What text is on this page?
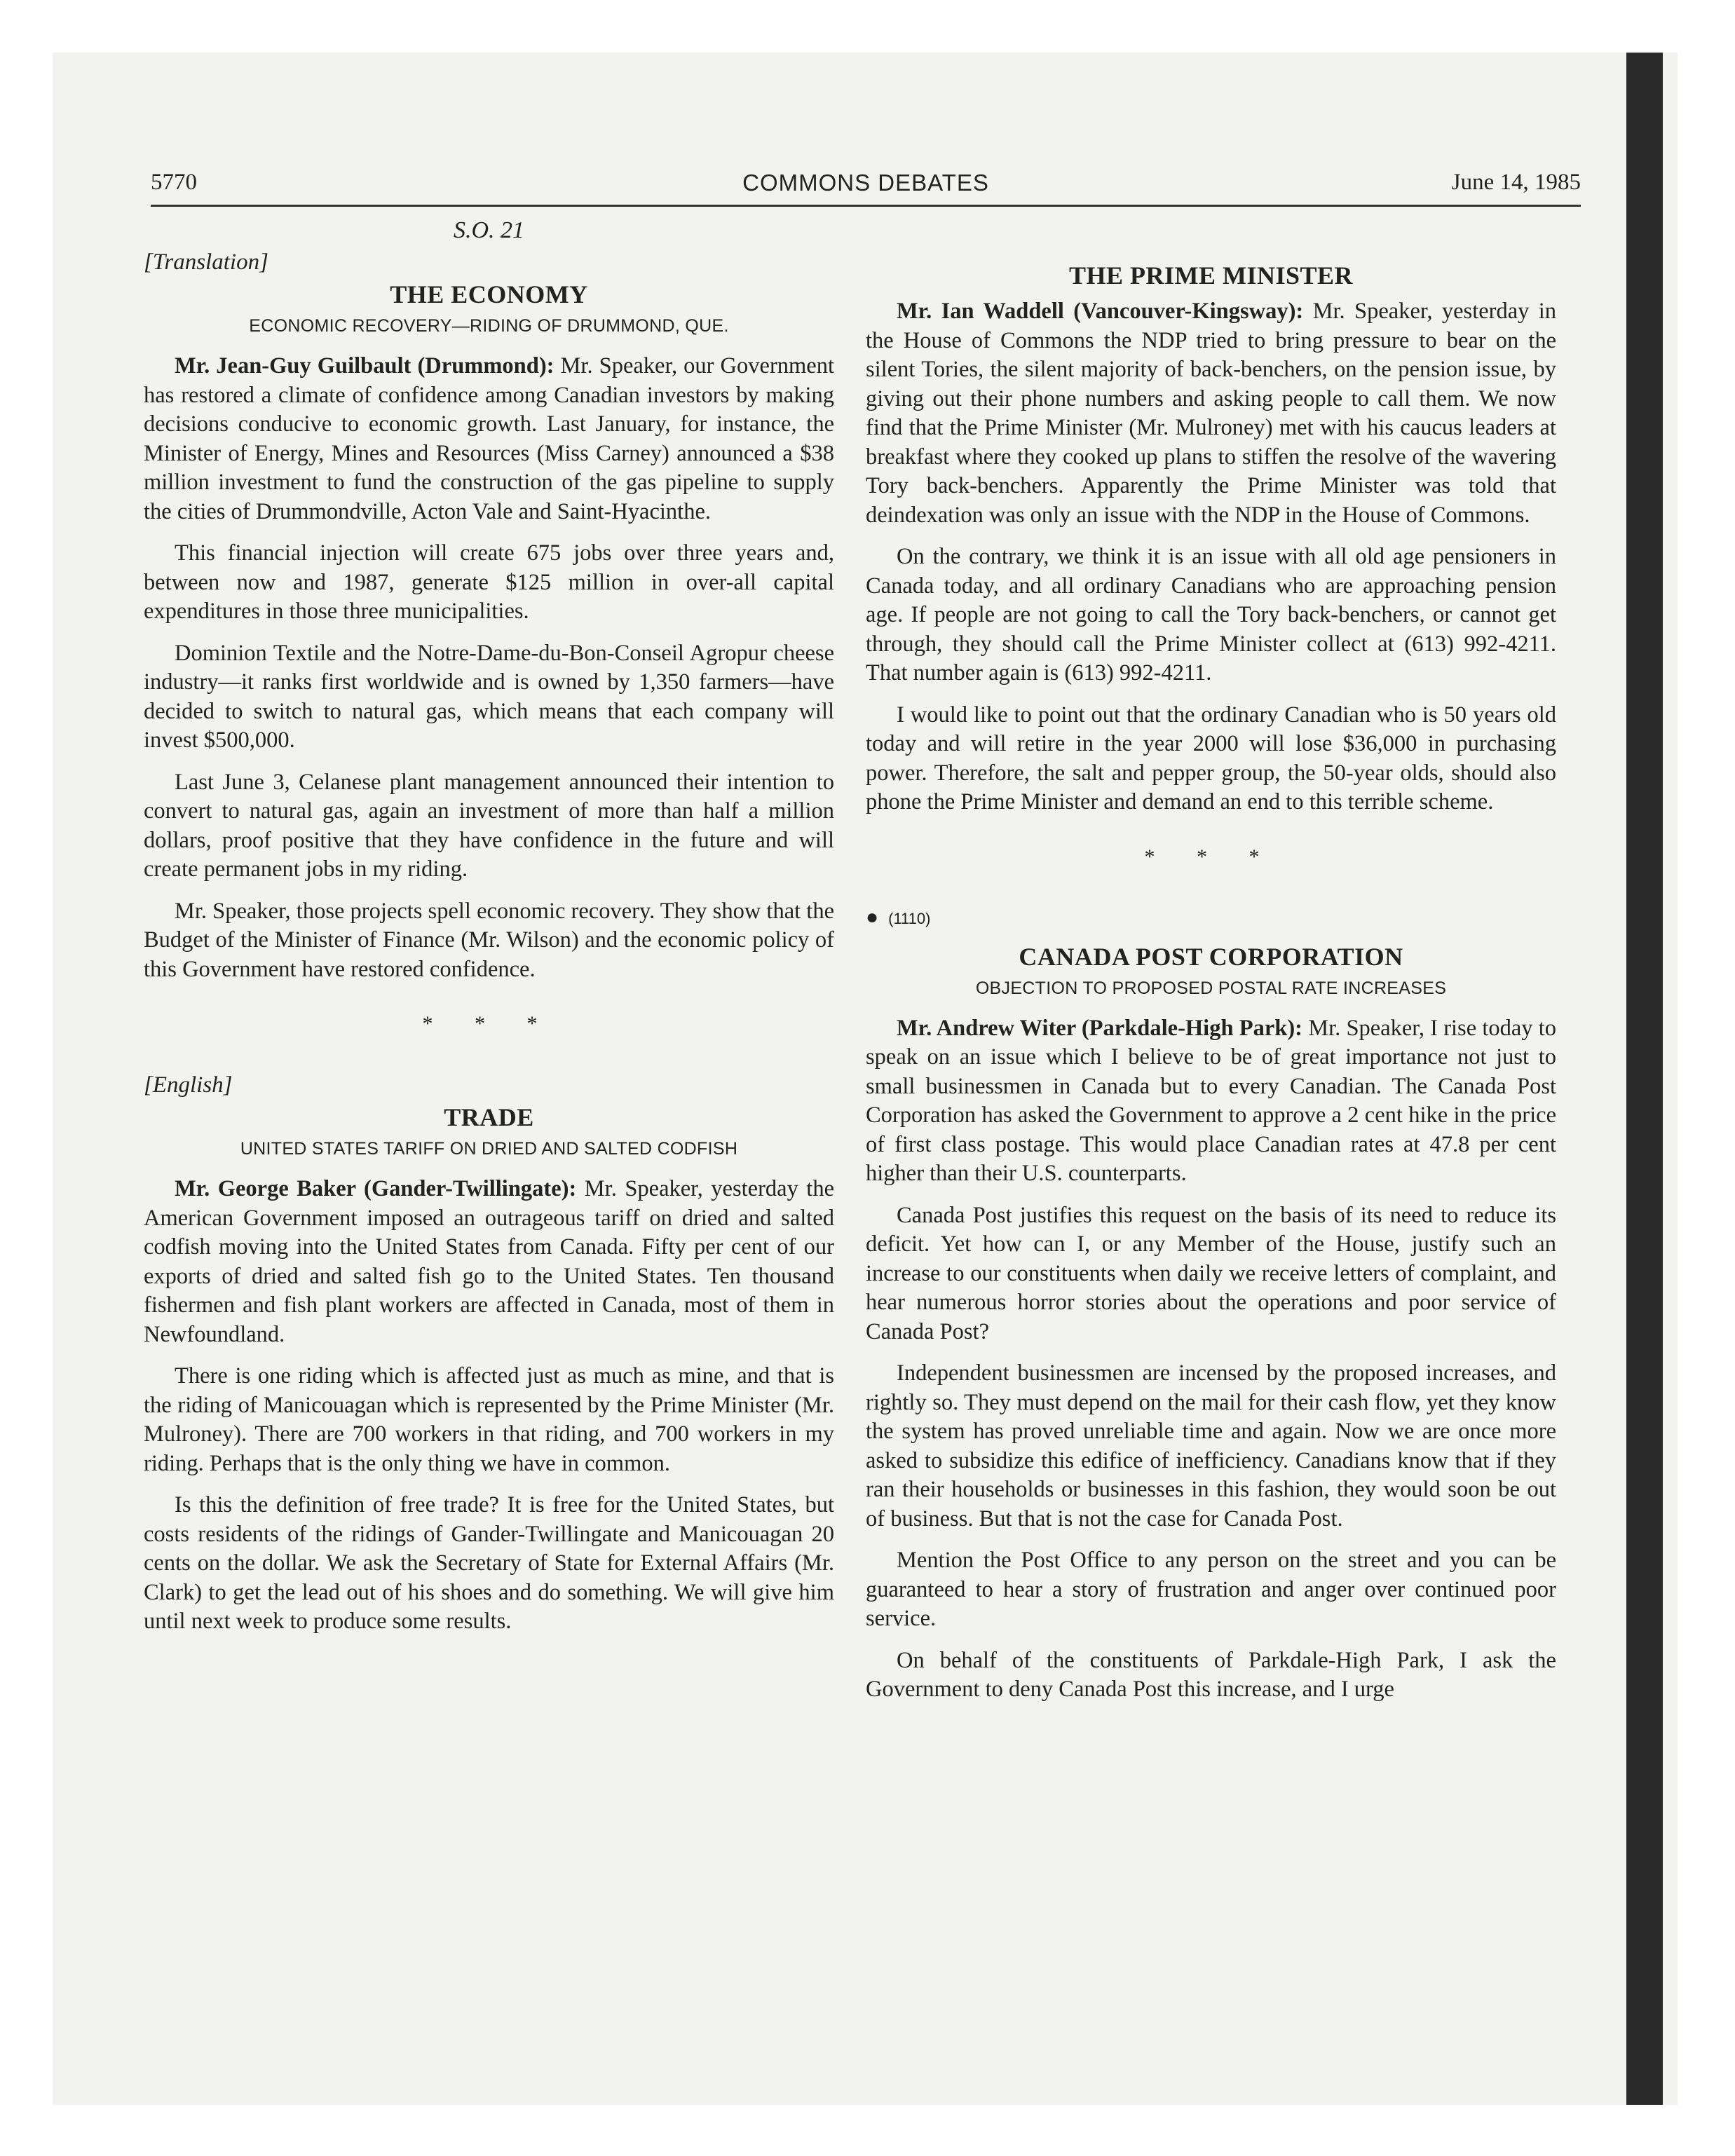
5770	COMMONS DEBATES	June 14, 1985
S.O. 21
[Translation]
THE ECONOMY
ECONOMIC RECOVERY—RIDING OF DRUMMOND, QUE.

Mr. Jean-Guy Guilbault (Drummond): Mr. Speaker, our Government has restored a climate of confidence among Canadian investors by making decisions conducive to economic growth. Last January, for instance, the Minister of Energy, Mines and Resources (Miss Carney) announced a $38 million investment to fund the construction of the gas pipeline to supply the cities of Drummondville, Acton Vale and Saint-Hyacinthe.

This financial injection will create 675 jobs over three years and, between now and 1987, generate $125 million in over-all capital expenditures in those three municipalities.

Dominion Textile and the Notre-Dame-du-Bon-Conseil Agropur cheese industry—it ranks first worldwide and is owned by 1,350 farmers—have decided to switch to natural gas, which means that each company will invest $500,000.

Last June 3, Celanese plant management announced their intention to convert to natural gas, again an investment of more than half a million dollars, proof positive that they have confidence in the future and will create permanent jobs in my riding.

Mr. Speaker, those projects spell economic recovery. They show that the Budget of the Minister of Finance (Mr. Wilson) and the economic policy of this Government have restored confidence.

* * *
[English]
TRADE
UNITED STATES TARIFF ON DRIED AND SALTED CODFISH

Mr. George Baker (Gander-Twillingate): Mr. Speaker, yesterday the American Government imposed an outrageous tariff on dried and salted codfish moving into the United States from Canada. Fifty per cent of our exports of dried and salted fish go to the United States. Ten thousand fishermen and fish plant workers are affected in Canada, most of them in Newfoundland.

There is one riding which is affected just as much as mine, and that is the riding of Manicouagan which is represented by the Prime Minister (Mr. Mulroney). There are 700 workers in that riding, and 700 workers in my riding. Perhaps that is the only thing we have in common.

Is this the definition of free trade? It is free for the United States, but costs residents of the ridings of Gander-Twillingate and Manicouagan 20 cents on the dollar. We ask the Secretary of State for External Affairs (Mr. Clark) to get the lead out of his shoes and do something. We will give him until next week to produce some results.

THE PRIME MINISTER

Mr. Ian Waddell (Vancouver-Kingsway): Mr. Speaker, yesterday in the House of Commons the NDP tried to bring pressure to bear on the silent Tories, the silent majority of back-benchers, on the pension issue, by giving out their phone numbers and asking people to call them. We now find that the Prime Minister (Mr. Mulroney) met with his caucus leaders at breakfast where they cooked up plans to stiffen the resolve of the wavering Tory back-benchers. Apparently the Prime Minister was told that deindexation was only an issue with the NDP in the House of Commons.

On the contrary, we think it is an issue with all old age pensioners in Canada today, and all ordinary Canadians who are approaching pension age. If people are not going to call the Tory back-benchers, or cannot get through, they should call the Prime Minister collect at (613) 992-4211. That number again is (613) 992-4211.

I would like to point out that the ordinary Canadian who is 50 years old today and will retire in the year 2000 will lose $36,000 in purchasing power. Therefore, the salt and pepper group, the 50-year olds, should also phone the Prime Minister and demand an end to this terrible scheme.

* * *
● (1110)
CANADA POST CORPORATION
OBJECTION TO PROPOSED POSTAL RATE INCREASES

Mr. Andrew Witer (Parkdale-High Park): Mr. Speaker, I rise today to speak on an issue which I believe to be of great importance not just to small businessmen in Canada but to every Canadian. The Canada Post Corporation has asked the Government to approve a 2 cent hike in the price of first class postage. This would place Canadian rates at 47.8 per cent higher than their U.S. counterparts.

Canada Post justifies this request on the basis of its need to reduce its deficit. Yet how can I, or any Member of the House, justify such an increase to our constituents when daily we receive letters of complaint, and hear numerous horror stories about the operations and poor service of Canada Post?

Independent businessmen are incensed by the proposed increases, and rightly so. They must depend on the mail for their cash flow, yet they know the system has proved unreliable time and again. Now we are once more asked to subsidize this edifice of inefficiency. Canadians know that if they ran their households or businesses in this fashion, they would soon be out of business. But that is not the case for Canada Post.

Mention the Post Office to any person on the street and you can be guaranteed to hear a story of frustration and anger over continued poor service.

On behalf of the constituents of Parkdale-High Park, I ask the Government to deny Canada Post this increase, and I urge
